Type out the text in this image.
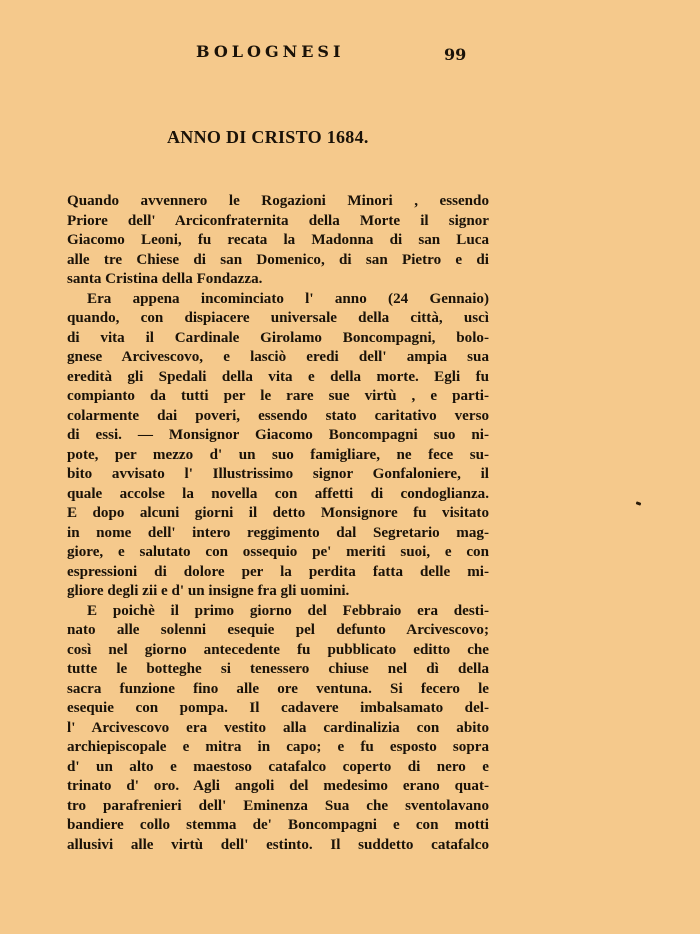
BOLOGNESI	99
ANNO DI CRISTO 1684.
Quando avvennero le Rogazioni Minori , essendo
Priore dell' Arciconfraternita della Morte il signor
Giacomo Leoni, fu recata la Madonna di san Luca
alle tre Chiese di san Domenico, di san Pietro e di
santa Cristina della Fondazza.
Era appena incominciato l' anno (24 Gennaio)
quando, con dispiacere universale della città, uscì
di vita il Cardinale Girolamo Boncompagni, bolo-
gnese Arcivescovo, e lasciò eredi dell' ampia sua
eredità gli Spedali della vita e della morte. Egli fu
compianto da tutti per le rare sue virtù , e parti-
colarmente dai poveri, essendo stato caritativo verso
di essi. — Monsignor Giacomo Boncompagni suo ni-
pote, per mezzo d' un suo famigliare, ne fece su-
bito avvisato l' Illustrissimo signor Gonfaloniere, il
quale accolse la novella con affetti di condoglianza.
E dopo alcuni giorni il detto Monsignore fu visitato
in nome dell' intero reggimento dal Segretario mag-
giore, e salutato con ossequio pe' meriti suoi, e con
espressioni di dolore per la perdita fatta delle mi-
gliore degli zii e d' un insigne fra gli uomini.
E poichè il primo giorno del Febbraio era desti-
nato alle solenni esequie pel defunto Arcivescovo;
così nel giorno antecedente fu pubblicato editto che
tutte le botteghe si tenessero chiuse nel dì della
sacra funzione fino alle ore ventuna. Si fecero le
esequie con pompa. Il cadavere imbalsamato del-
l' Arcivescovo era vestito alla cardinalizia con abito
archiepiscopale e mitra in capo; e fu esposto sopra
d' un alto e maestoso catafalco coperto di nero e
trinato d' oro. Agli angoli del medesimo erano quat-
tro parafrenieri dell' Eminenza Sua che sventolavano
bandiere collo stemma de' Boncompagni e con motti
allusivi alle virtù dell' estinto. Il suddetto catafalco
